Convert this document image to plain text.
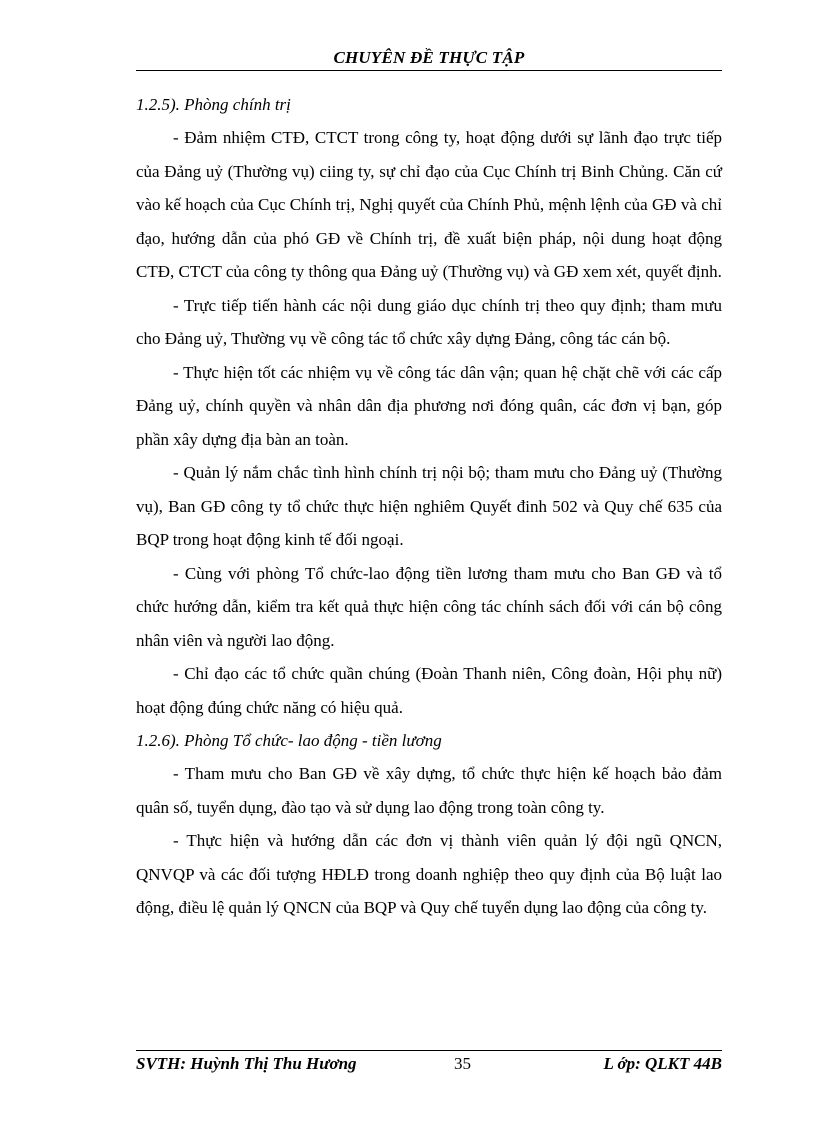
CHUYÊN ĐỀ THỰC TẬP

1.2.5). Phòng chính trị

- Đảm nhiệm CTĐ, CTCT trong công ty, hoạt động dưới sự lãnh đạo trực tiếp của Đảng uỷ (Thường vụ) ciing ty, sự chỉ đạo của Cục Chính trị Binh Chủng. Căn cứ vào kế hoạch của Cục Chính trị, Nghị quyết của Chính Phủ, mệnh lệnh của GĐ và chỉ đạo, hướng dẫn của phó GĐ về Chính trị, đề xuất biện pháp, nội dung hoạt động CTĐ, CTCT của công ty thông qua Đảng uỷ (Thường vụ) và GĐ xem xét, quyết định.

- Trực tiếp tiến hành các nội dung giáo dục chính trị theo quy định; tham mưu cho Đảng uỷ, Thường vụ về công tác tổ chức xây dựng Đảng, công tác cán bộ.

- Thực hiện tốt các nhiệm vụ về công tác dân vận; quan hệ chặt chẽ với các cấp Đảng uỷ, chính quyền và nhân dân địa phương nơi đóng quân, các đơn vị bạn, góp phần xây dựng địa bàn an toàn.

- Quản lý nắm chắc tình hình chính trị nội bộ; tham mưu cho Đảng uỷ (Thường vụ), Ban GĐ công ty tổ chức thực hiện nghiêm Quyết đinh 502 và Quy chế 635 của BQP trong hoạt động kinh tế đối ngoại.

- Cùng với phòng Tổ chức-lao động tiền lương tham mưu cho Ban GĐ và tổ chức hướng dẫn, kiểm tra kết quả thực hiện công tác chính sách đối với cán bộ công nhân viên và người lao động.

- Chỉ đạo các tổ chức quần chúng (Đoàn Thanh niên, Công đoàn, Hội phụ nữ) hoạt động đúng chức năng có hiệu quả.

1.2.6). Phòng Tổ chức- lao động - tiền lương

- Tham mưu cho Ban GĐ về xây dựng, tổ chức thực hiện kế hoạch bảo đảm quân số, tuyển dụng, đào tạo và sử dụng lao động trong toàn công ty.

- Thực hiện và hướng dẫn các đơn vị thành viên quản lý đội ngũ QNCN, QNVQP và các đối tượng HĐLĐ trong doanh nghiệp theo quy định của Bộ luật lao động, điều lệ quản lý QNCN của BQP và Quy chế tuyển dụng lao động của công ty.

SVTH: Huỳnh Thị Thu Hương	35	L ớp: QLKT 44B
